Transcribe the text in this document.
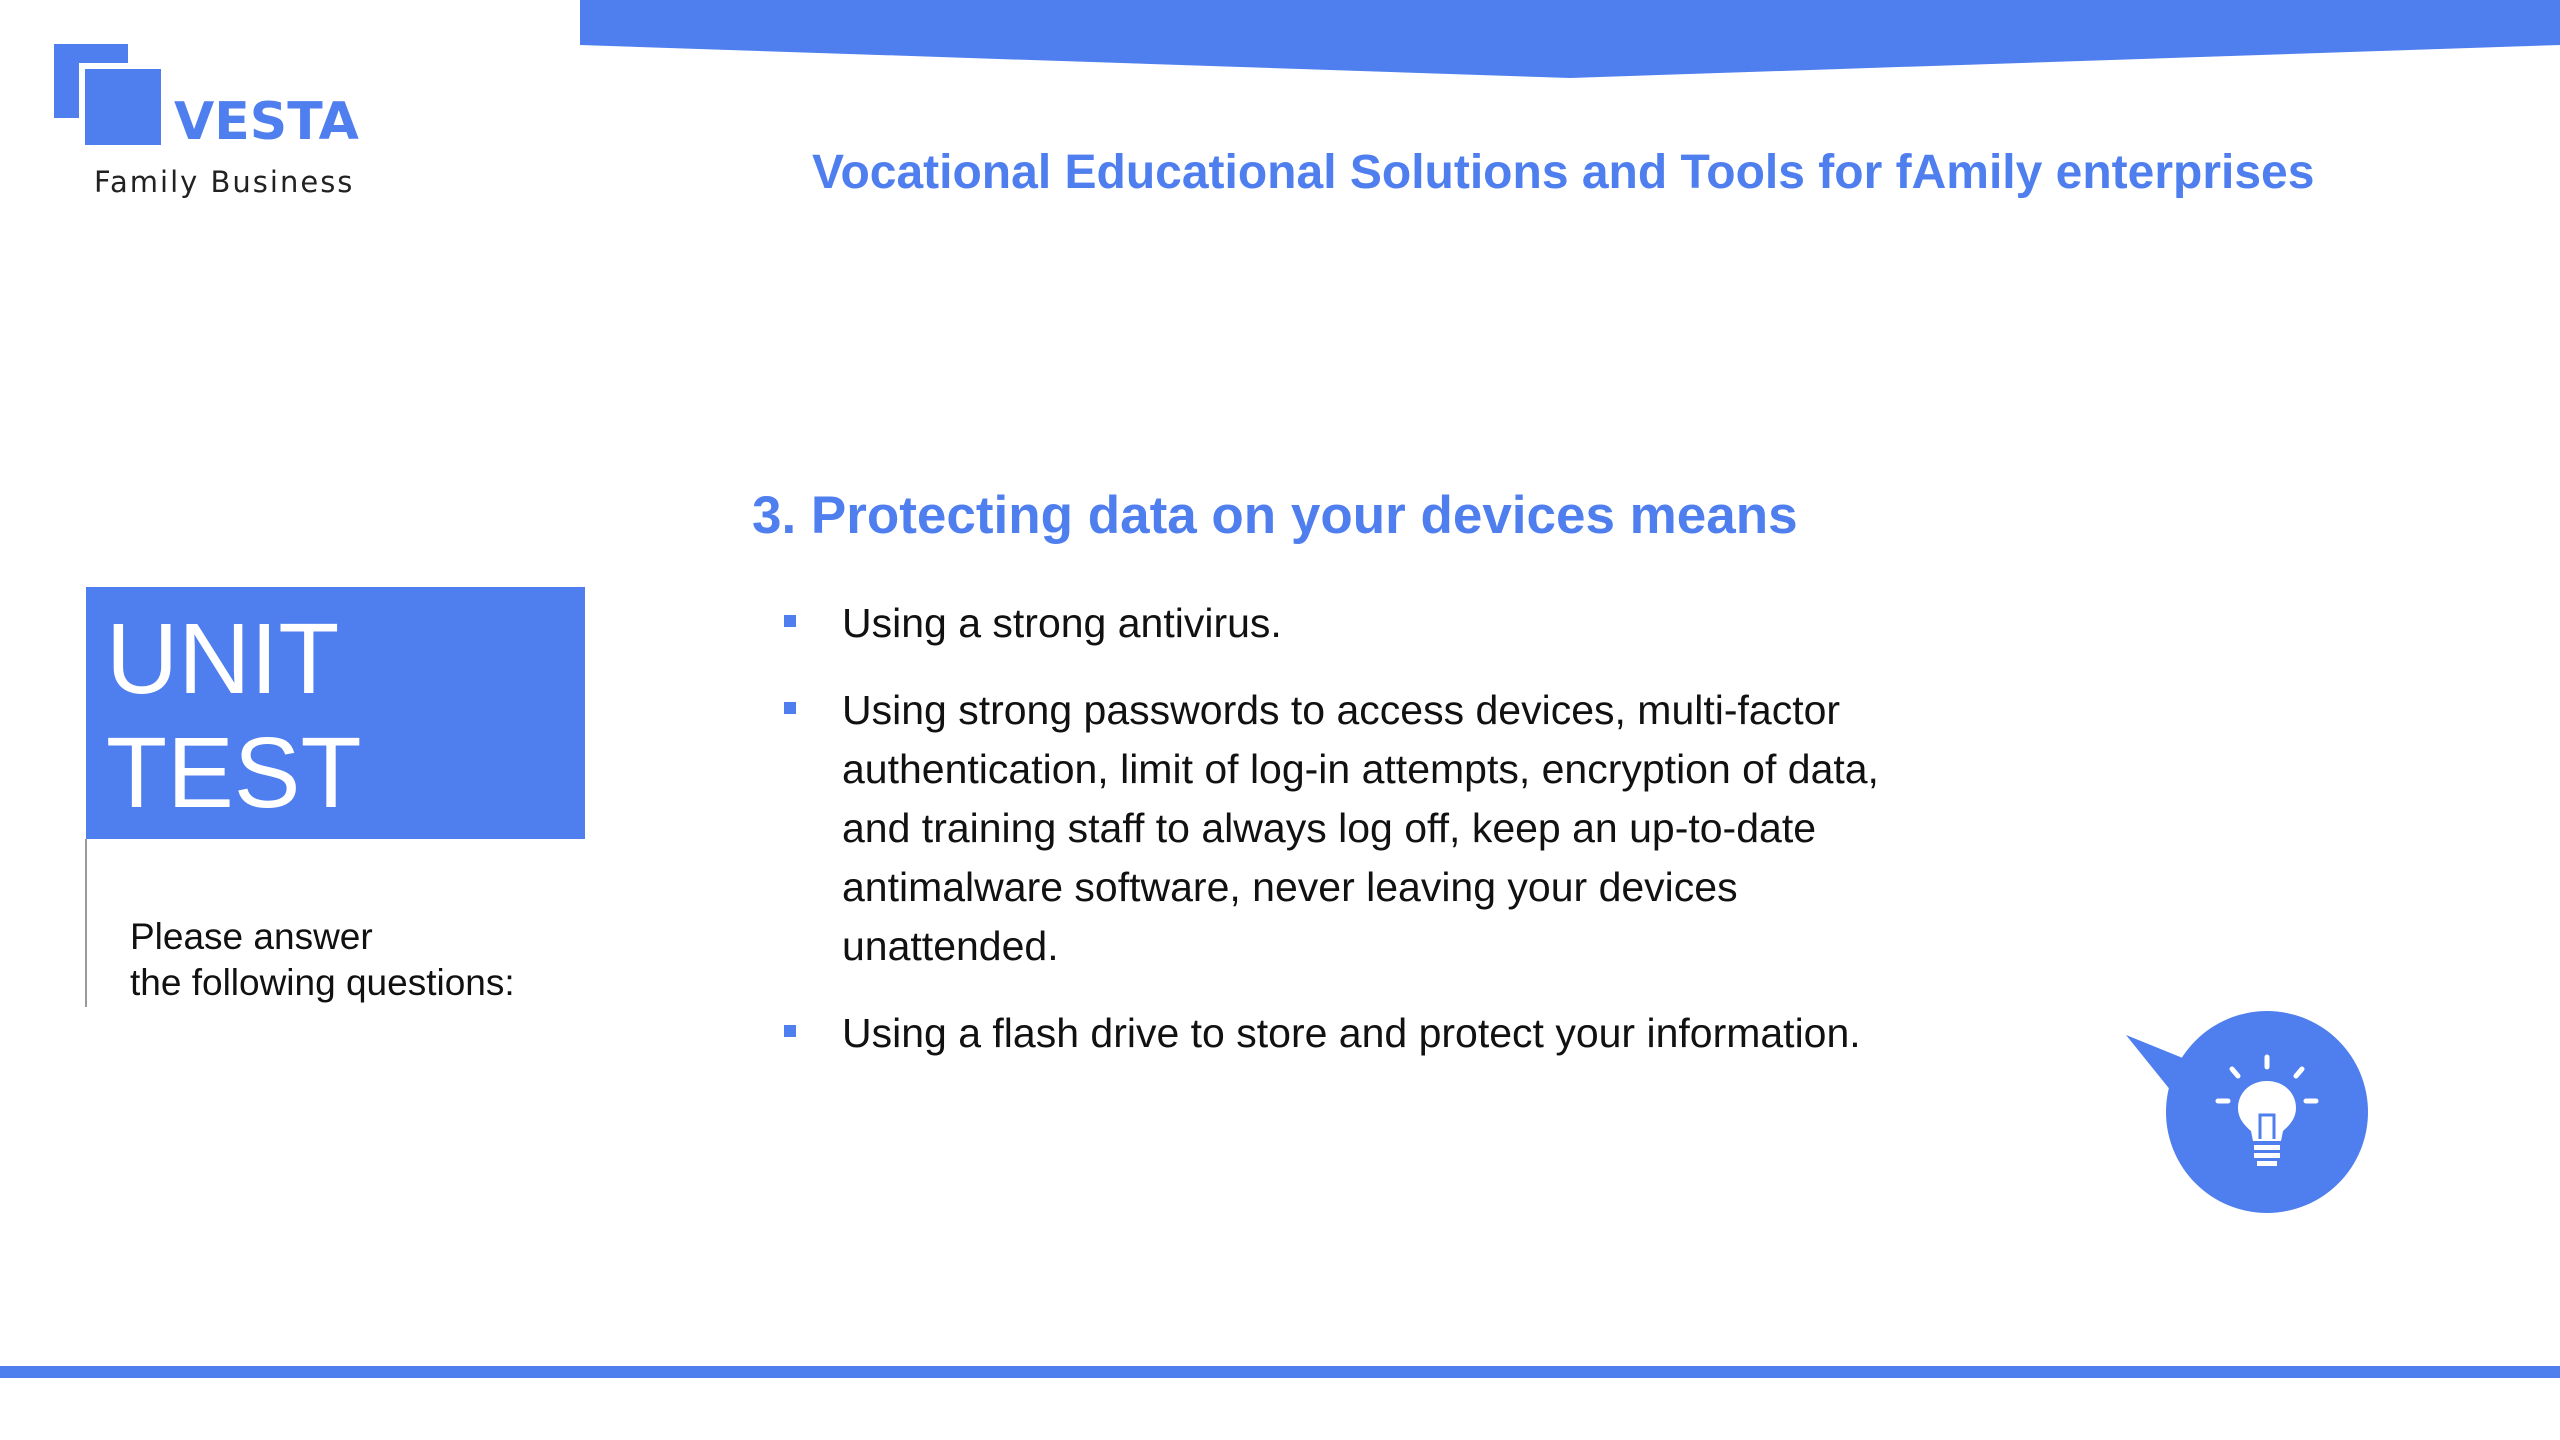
VESTA
Family Business	Vocational Educational Solutions and Tools for fAmily enterprises
UNIT
TEST
Please answer
the following questions:
3. Protecting data on your devices means
Using a strong antivirus.
Using strong passwords to access devices, multi-factor
authentication, limit of log-in attempts, encryption of data,
and training staff to always log off, keep an up-to-date
antimalware software, never leaving your devices
unattended.
Using a flash drive to store and protect your information.
